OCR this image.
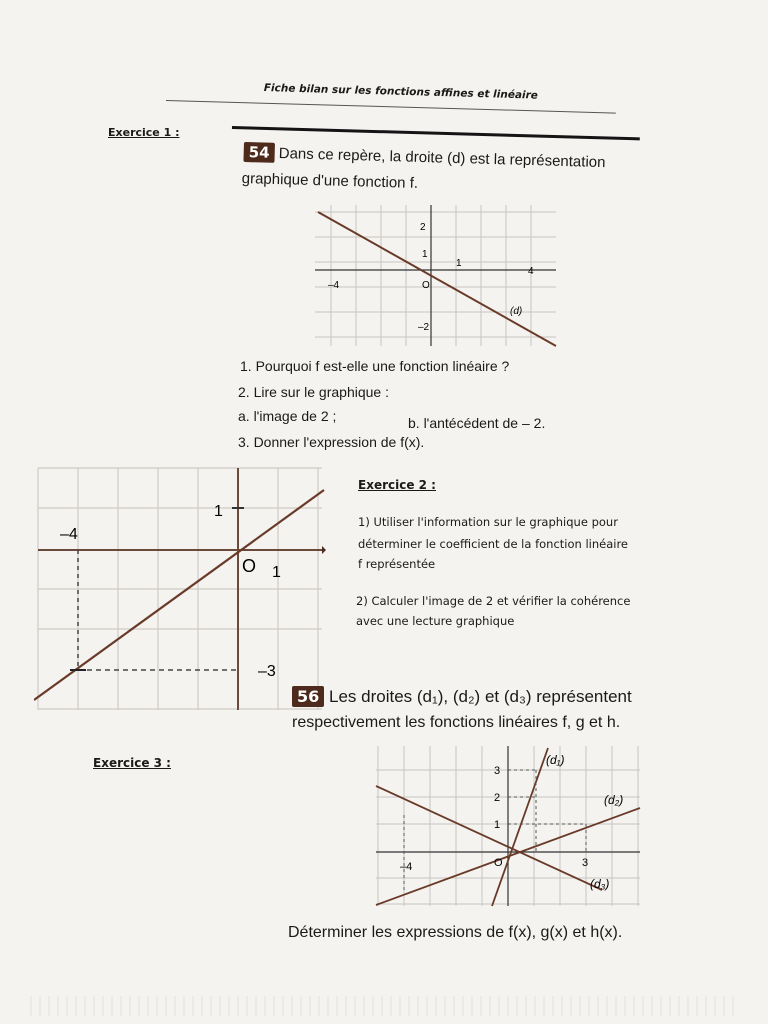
Fiche bilan sur les fonctions affines et linéaire
Exercice 1 :
54 Dans ce repère, la droite (d) est la représentation
graphique d'une fonction f.
2
1
1
4
–4	O
–2
(d)
1. Pourquoi f est-elle une fonction linéaire ?
2. Lire sur le graphique :
a. l'image de 2 ;	b. l'antécédent de – 2.
3. Donner l'expression de f(x).
1
–4
O 1
–3
Exercice 2 :
1) Utiliser l'information sur le graphique pour
déterminer le coefficient de la fonction linéaire
f représentée
2) Calculer l'image de 2 et vérifier la cohérence
avec une lecture graphique
56 Les droites (d₁), (d₂) et (d₃) représentent
respectivement les fonctions linéaires f, g et h.
Exercice 3 :
3
2
1
–4	O	3
(d₁)
(d₂)
(d₃)
Déterminer les expressions de f(x), g(x) et h(x).
